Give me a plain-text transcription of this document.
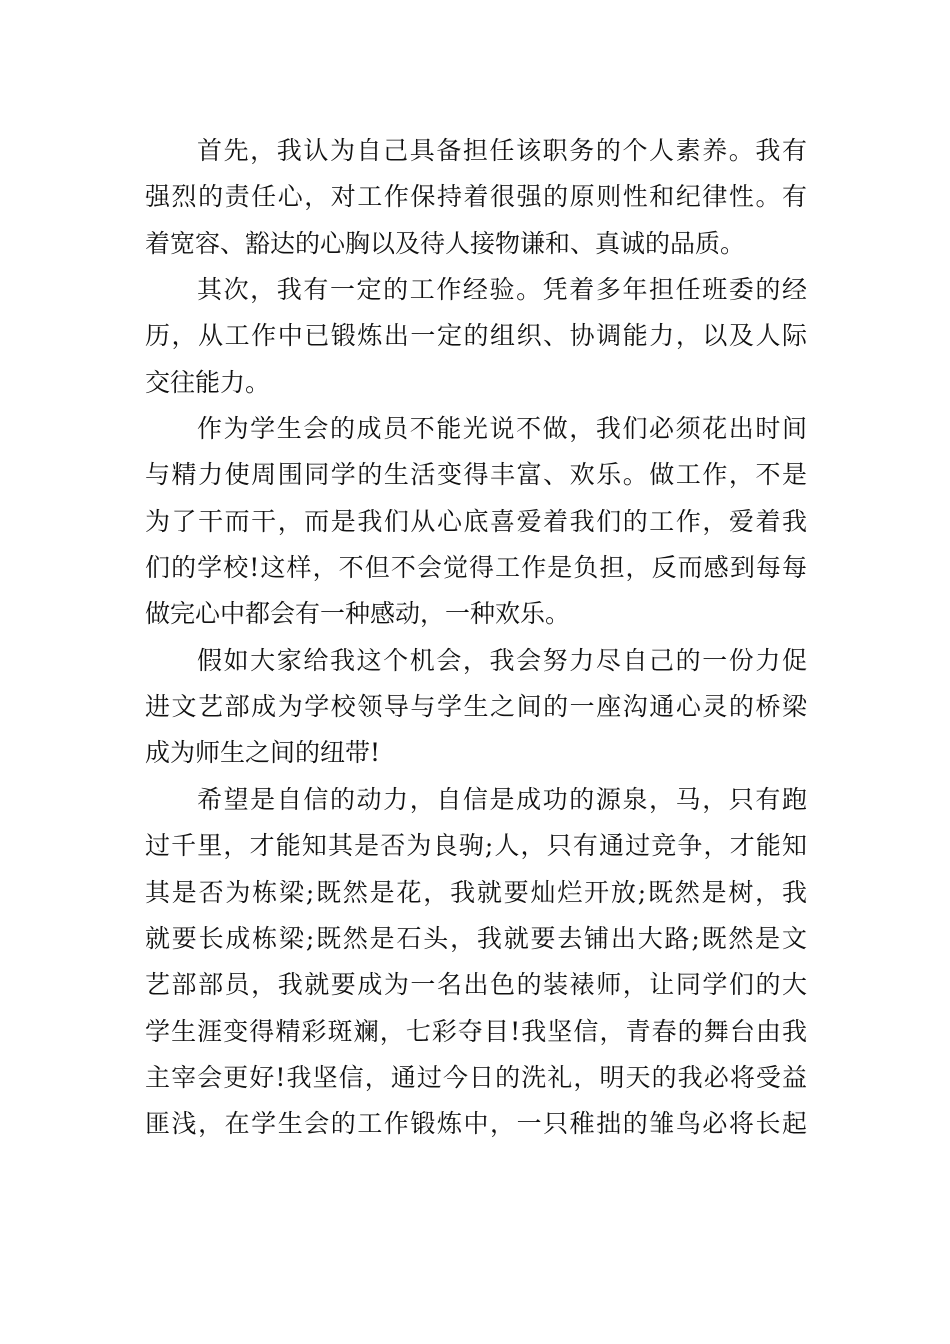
首先，我认为自己具备担任该职务的个人素养。我有
强烈的责任心，对工作保持着很强的原则性和纪律性。有
着宽容、豁达的心胸以及待人接物谦和、真诚的品质。
其次，我有一定的工作经验。凭着多年担任班委的经
历，从工作中已锻炼出一定的组织、协调能力，以及人际
交往能力。
作为学生会的成员不能光说不做，我们必须花出时间
与精力使周围同学的生活变得丰富、欢乐。做工作，不是
为了干而干，而是我们从心底喜爱着我们的工作，爱着我
们的学校!这样，不但不会觉得工作是负担，反而感到每每
做完心中都会有一种感动，一种欢乐。
假如大家给我这个机会，我会努力尽自己的一份力促
进文艺部成为学校领导与学生之间的一座沟通心灵的桥梁
成为师生之间的纽带!
希望是自信的动力，自信是成功的源泉，马，只有跑
过千里，才能知其是否为良驹;人，只有通过竞争，才能知
其是否为栋梁;既然是花，我就要灿烂开放;既然是树，我
就要长成栋梁;既然是石头，我就要去铺出大路;既然是文
艺部部员，我就要成为一名出色的装裱师，让同学们的大
学生涯变得精彩斑斓，七彩夺目!我坚信，青春的舞台由我
主宰会更好!我坚信，通过今日的洗礼，明天的我必将受益
匪浅，在学生会的工作锻炼中，一只稚拙的雏鸟必将长起
